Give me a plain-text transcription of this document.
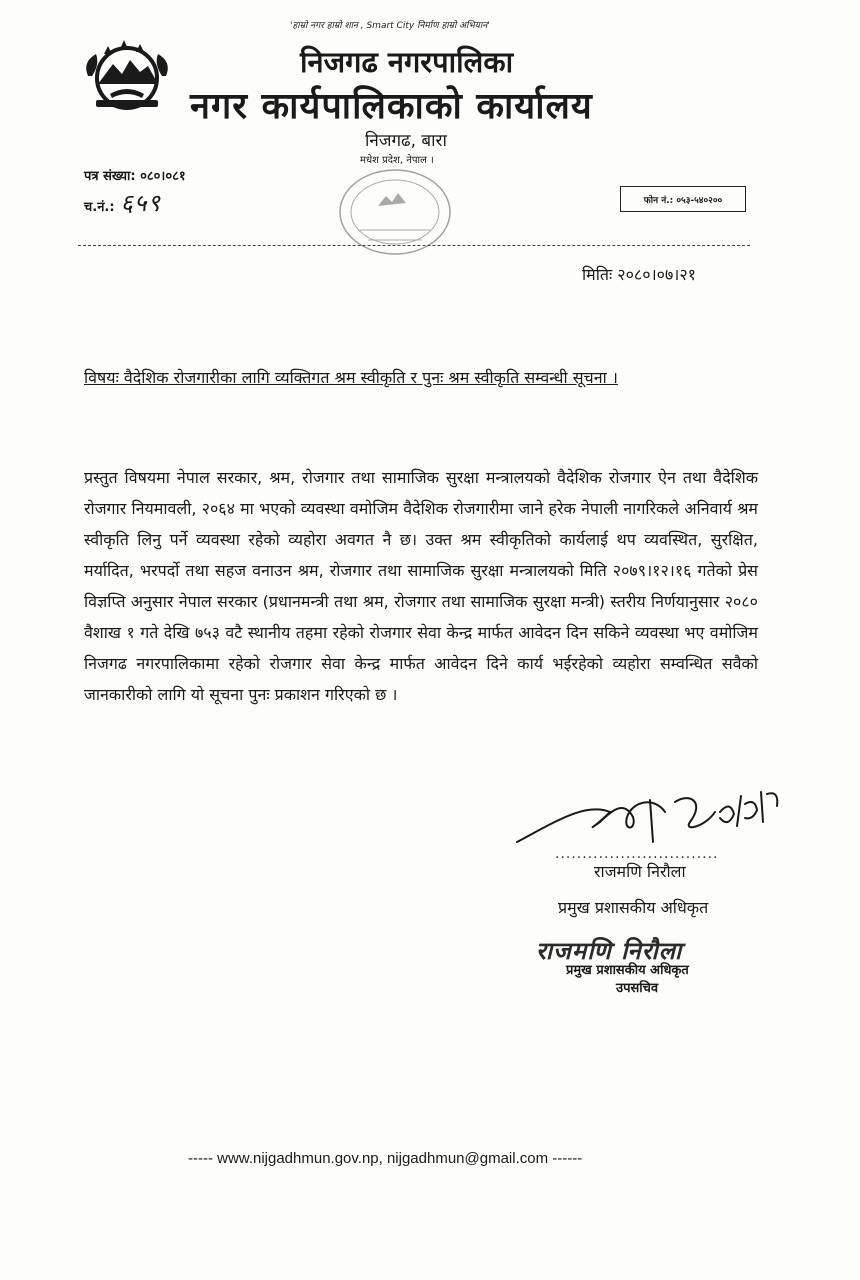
'हाम्रो नगर हाम्रो शान , Smart City निर्माण हाम्रो अभियान'
निजगढ नगरपालिका
नगर कार्यपालिकाको कार्यालय
निजगढ, बारा
मधेश प्रदेश, नेपाल ।
पत्र संख्या: ०८०।०८१
च.नं.: ६५९	फोन नं.: ०५३-५४०२००
मितिः २०८०।०७।२१
विषयः वैदेशिक रोजगारीका लागि व्यक्तिगत श्रम स्वीकृति र पुनः श्रम स्वीकृति सम्वन्धी सूचना ।
प्रस्तुत विषयमा नेपाल सरकार, श्रम, रोजगार तथा सामाजिक सुरक्षा मन्त्रालयको वैदेशिक रोजगार ऐन तथा वैदेशिक रोजगार नियमावली, २०६४ मा भएको व्यवस्था वमोजिम वैदेशिक रोजगारीमा जाने हरेक नेपाली नागरिकले अनिवार्य श्रम स्वीकृति लिनु पर्ने व्यवस्था रहेको व्यहोरा अवगत नै छ। उक्त श्रम स्वीकृतिको कार्यलाई थप व्यवस्थित, सुरक्षित, मर्यादित, भरपर्दो तथा सहज वनाउन श्रम, रोजगार तथा सामाजिक सुरक्षा मन्त्रालयको मिति २०७९।१२।१६ गतेको प्रेस विज्ञप्ति अनुसार नेपाल सरकार (प्रधानमन्त्री तथा श्रम, रोजगार तथा सामाजिक सुरक्षा मन्त्री) स्तरीय निर्णयानुसार २०८० वैशाख १ गते देखि ७५३ वटै स्थानीय तहमा रहेको रोजगार सेवा केन्द्र मार्फत आवेदन दिन सकिने व्यवस्था भए वमोजिम निजगढ नगरपालिकामा रहेको रोजगार सेवा केन्द्र मार्फत आवेदन दिने कार्य भईरहेको व्यहोरा सम्वन्धित सवैको जानकारीको लागि यो सूचना पुनः प्रकाशन गरिएको छ ।
..............................
राजमणि निरौला
प्रमुख प्रशासकीय अधिकृत
राजमणि निरौला
प्रमुख प्रशासकीय अधिकृत
उपसचिव
----- www.nijgadhmun.gov.np, nijgadhmun@gmail.com ------
